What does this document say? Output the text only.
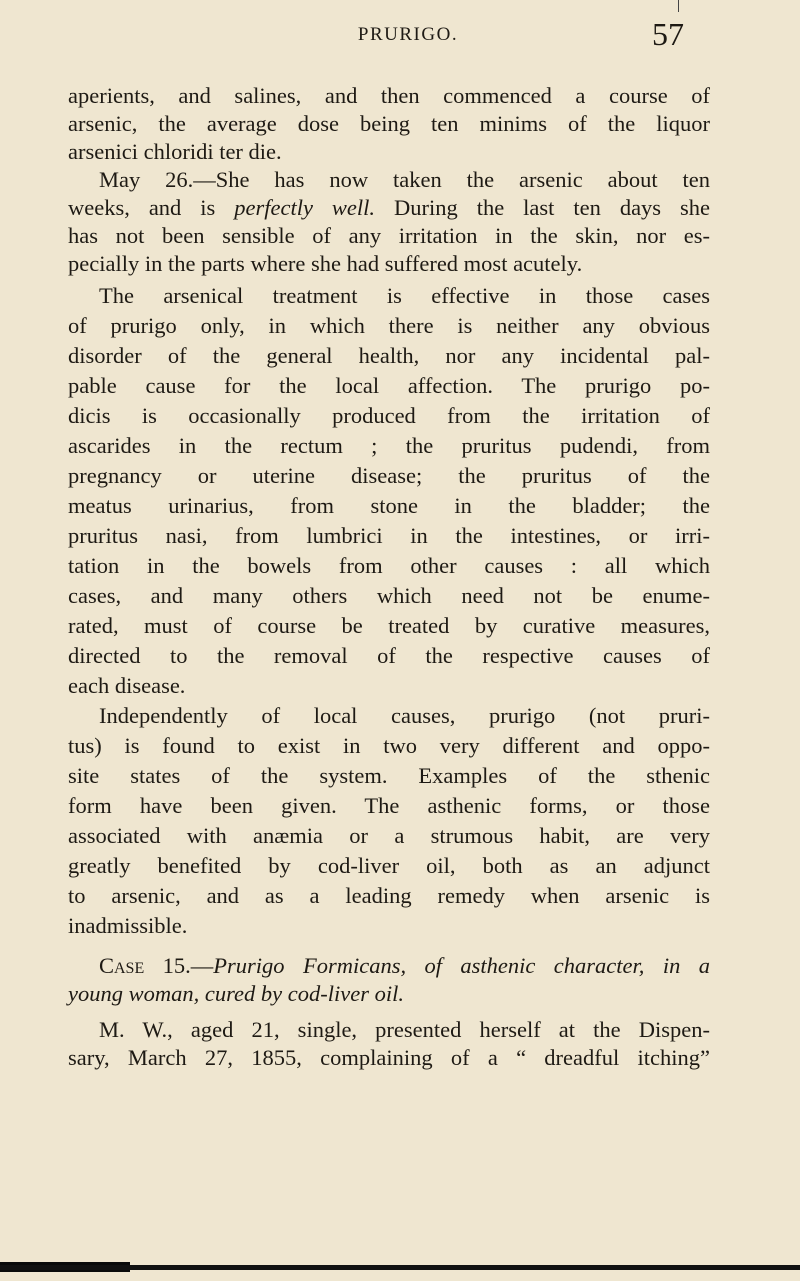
PRURIGO.	57
aperients, and salines, and then commenced a course of
arsenic, the average dose being ten minims of the liquor
arsenici chloridi ter die.
May 26.—She has now taken the arsenic about ten
weeks, and is perfectly well. During the last ten days she
has not been sensible of any irritation in the skin, nor es-
pecially in the parts where she had suffered most acutely.
The arsenical treatment is effective in those cases
of prurigo only, in which there is neither any obvious
disorder of the general health, nor any incidental pal-
pable cause for the local affection. The prurigo po-
dicis is occasionally produced from the irritation of
ascarides in the rectum ; the pruritus pudendi, from
pregnancy or uterine disease; the pruritus of the
meatus urinarius, from stone in the bladder; the
pruritus nasi, from lumbrici in the intestines, or irri-
tation in the bowels from other causes : all which
cases, and many others which need not be enume-
rated, must of course be treated by curative measures,
directed to the removal of the respective causes of
each disease.
Independently of local causes, prurigo (not pruri-
tus) is found to exist in two very different and oppo-
site states of the system. Examples of the sthenic
form have been given. The asthenic forms, or those
associated with anæmia or a strumous habit, are very
greatly benefited by cod-liver oil, both as an adjunct
to arsenic, and as a leading remedy when arsenic is
inadmissible.
Case 15.—Prurigo Formicans, of asthenic character, in a
young woman, cured by cod-liver oil.
M. W., aged 21, single, presented herself at the Dispen-
sary, March 27, 1855, complaining of a “ dreadful itching”
